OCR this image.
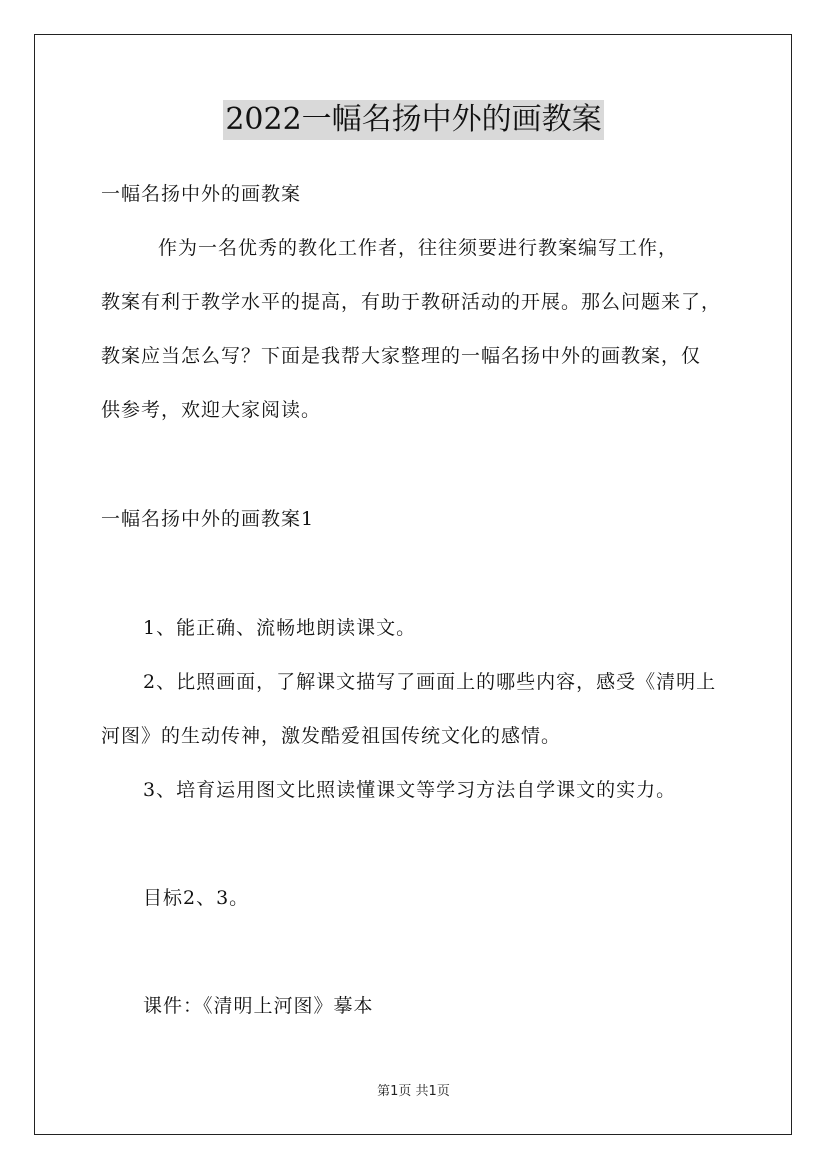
2022一幅名扬中外的画教案
一幅名扬中外的画教案
作为一名优秀的教化工作者，往往须要进行教案编写工作，
教案有利于教学水平的提高，有助于教研活动的开展。那么问题来了，
教案应当怎么写？下面是我帮大家整理的一幅名扬中外的画教案，仅
供参考，欢迎大家阅读。
一幅名扬中外的画教案1
1、能正确、流畅地朗读课文。
2、比照画面，了解课文描写了画面上的哪些内容，感受《清明上
河图》的生动传神，激发酷爱祖国传统文化的感情。
3、培育运用图文比照读懂课文等学习方法自学课文的实力。
目标2、3。
课件：《清明上河图》摹本
第1页 共1页
